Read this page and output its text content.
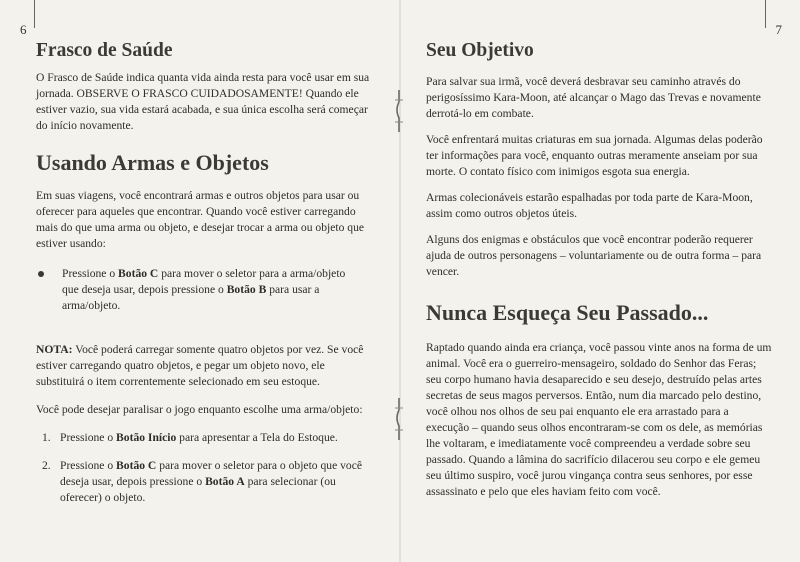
6
Frasco de Saúde

O Frasco de Saúde indica quanta vida ainda resta para você usar em sua jornada. OBSERVE O FRASCO CUIDADOSAMENTE! Quando ele estiver vazio, sua vida estará acabada, e sua única escolha será começar do início novamente.

Usando Armas e Objetos

Em suas viagens, você encontrará armas e outros objetos para usar ou oferecer para aqueles que encontrar. Quando você estiver carregando mais do que uma arma ou objeto, e desejar trocar a arma ou objeto que estiver usando:

Pressione o Botão C para mover o seletor para a arma/objeto que deseja usar, depois pressione o Botão B para usar a arma/objeto.

NOTA: Você poderá carregar somente quatro objetos por vez. Se você estiver carregando quatro objetos, e pegar um objeto novo, ele substituirá o item correntemente selecionado em seu estoque.

Você pode desejar paralisar o jogo enquanto escolhe uma arma/objeto:

1. Pressione o Botão Início para apresentar a Tela do Estoque.
2. Pressione o Botão C para mover o seletor para o objeto que você deseja usar, depois pressione o Botão A para selecionar (ou oferecer) o objeto.
7
Seu Objetivo

Para salvar sua irmã, você deverá desbravar seu caminho através do perigosíssimo Kara-Moon, até alcançar o Mago das Trevas e novamente derrotá-lo em combate.

Você enfrentará muitas criaturas em sua jornada. Algumas delas poderão ter informações para você, enquanto outras meramente anseiam por sua morte. O contato físico com inimigos esgota sua energia.

Armas colecionáveis estarão espalhadas por toda parte de Kara-Moon, assim como outros objetos úteis.

Alguns dos enigmas e obstáculos que você encontrar poderão requerer ajuda de outros personagens – voluntariamente ou de outra forma – para vencer.

Nunca Esqueça Seu Passado...

Raptado quando ainda era criança, você passou vinte anos na forma de um animal. Você era o guerreiro-mensageiro, soldado do Senhor das Feras; seu corpo humano havia desaparecido e seu desejo, destruído pelas artes secretas de seus magos perversos. Então, num dia marcado pelo destino, você olhou nos olhos de seu pai enquanto ele era arrastado para a execução – quando seus olhos encontraram-se com os dele, as memórias lhe voltaram, e imediatamente você compreendeu a verdade sobre seu passado. Quando a lâmina do sacrifício dilacerou seu corpo e ele gemeu seu último suspiro, você jurou vingança contra seus senhores, por esse assassinato e pelo que eles haviam feito com você.
